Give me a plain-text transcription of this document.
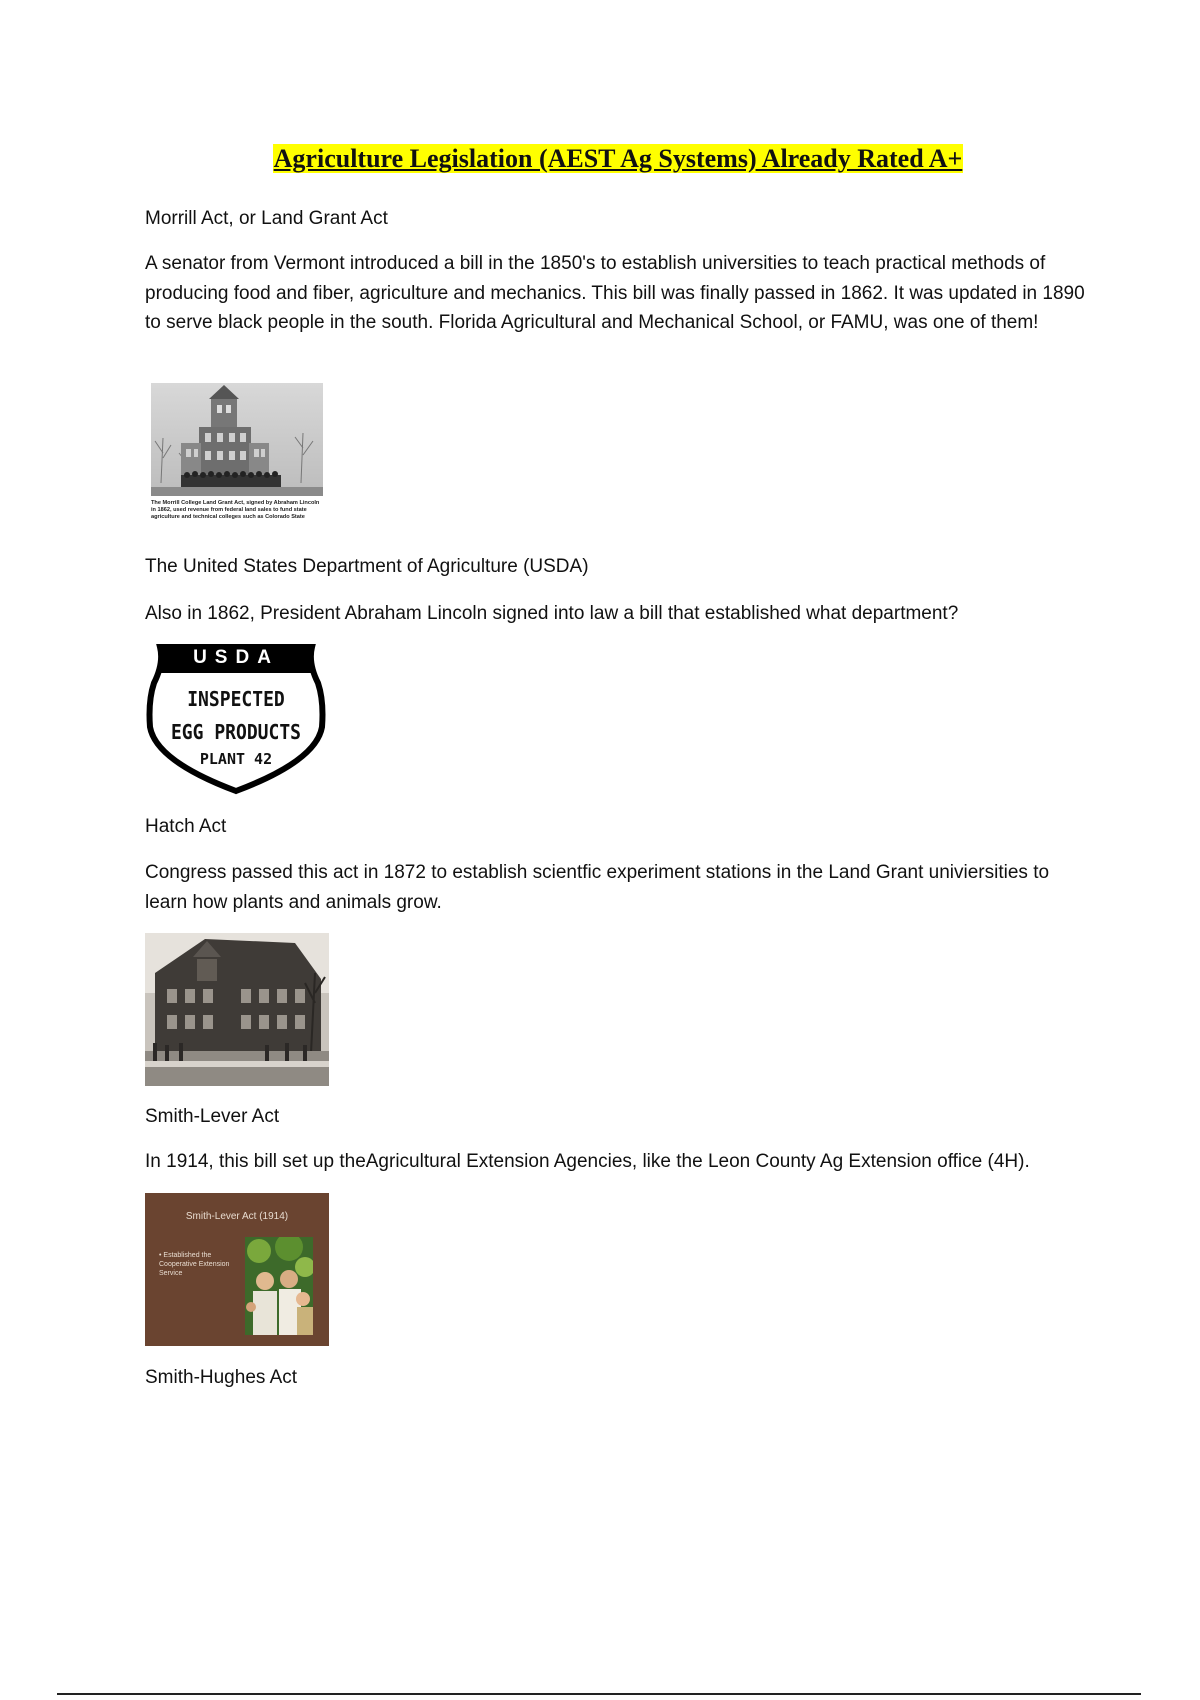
Agriculture Legislation (AEST Ag Systems) Already Rated A+

Morrill Act, or Land Grant Act

A senator from Vermont introduced a bill in the 1850's to establish universities to teach practical methods of producing food and fiber, agriculture and mechanics. This bill was finally passed in 1862. It was updated in 1890 to serve black people in the south. Florida Agricultural and Mechanical School, or FAMU, was one of them!

The Morrill College Land Grant Act, signed by Abraham Lincoln in 1862, used revenue from federal land sales to fund state agriculture and technical colleges such as Colorado State

The United States Department of Agriculture (USDA)

Also in 1862, President Abraham Lincoln signed into law a bill that established what department?

USDA
INSPECTED
EGG PRODUCTS
PLANT 42

Hatch Act

Congress passed this act in 1872 to establish scientfic experiment stations in the Land Grant univiersities to learn how plants and animals grow.

Smith-Lever Act

In 1914, this bill set up theAgricultural Extension Agencies, like the Leon County Ag Extension office (4H).

Smith-Lever Act (1914)
• Established the Cooperative Extension Service

Smith-Hughes Act
